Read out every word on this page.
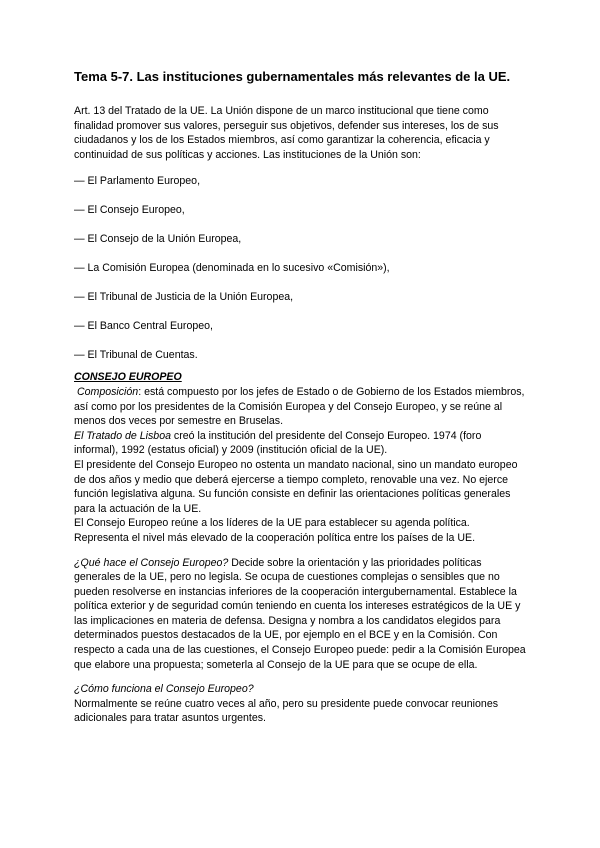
Tema 5-7. Las instituciones gubernamentales más relevantes de la UE.

Art. 13 del Tratado de la UE. La Unión dispone de un marco institucional que tiene como finalidad promover sus valores, perseguir sus objetivos, defender sus intereses, los de sus ciudadanos y los de los Estados miembros, así como garantizar la coherencia, eficacia y continuidad de sus políticas y acciones. Las instituciones de la Unión son:

— El Parlamento Europeo,

— El Consejo Europeo,

— El Consejo de la Unión Europea,

— La Comisión Europea (denominada en lo sucesivo «Comisión»),

— El Tribunal de Justicia de la Unión Europea,

— El Banco Central Europeo,

— El Tribunal de Cuentas.

CONSEJO EUROPEO

Composición: está compuesto por los jefes de Estado o de Gobierno de los Estados miembros, así como por los presidentes de la Comisión Europea y del Consejo Europeo, y se reúne al menos dos veces por semestre en Bruselas.

El Tratado de Lisboa creó la institución del presidente del Consejo Europeo. 1974 (foro informal), 1992 (estatus oficial) y 2009 (institución oficial de la UE).

El presidente del Consejo Europeo no ostenta un mandato nacional, sino un mandato europeo de dos años y medio que deberá ejercerse a tiempo completo, renovable una vez. No ejerce función legislativa alguna. Su función consiste en definir las orientaciones políticas generales para la actuación de la UE.

El Consejo Europeo reúne a los líderes de la UE para establecer su agenda política. Representa el nivel más elevado de la cooperación política entre los países de la UE.

¿Qué hace el Consejo Europeo? Decide sobre la orientación y las prioridades políticas generales de la UE, pero no legisla. Se ocupa de cuestiones complejas o sensibles que no pueden resolverse en instancias inferiores de la cooperación intergubernamental. Establece la política exterior y de seguridad común teniendo en cuenta los intereses estratégicos de la UE y las implicaciones en materia de defensa. Designa y nombra a los candidatos elegidos para determinados puestos destacados de la UE, por ejemplo en el BCE y en la Comisión. Con respecto a cada una de las cuestiones, el Consejo Europeo puede: pedir a la Comisión Europea que elabore una propuesta; someterla al Consejo de la UE para que se ocupe de ella.

¿Cómo funciona el Consejo Europeo?

Normalmente se reúne cuatro veces al año, pero su presidente puede convocar reuniones adicionales para tratar asuntos urgentes.
